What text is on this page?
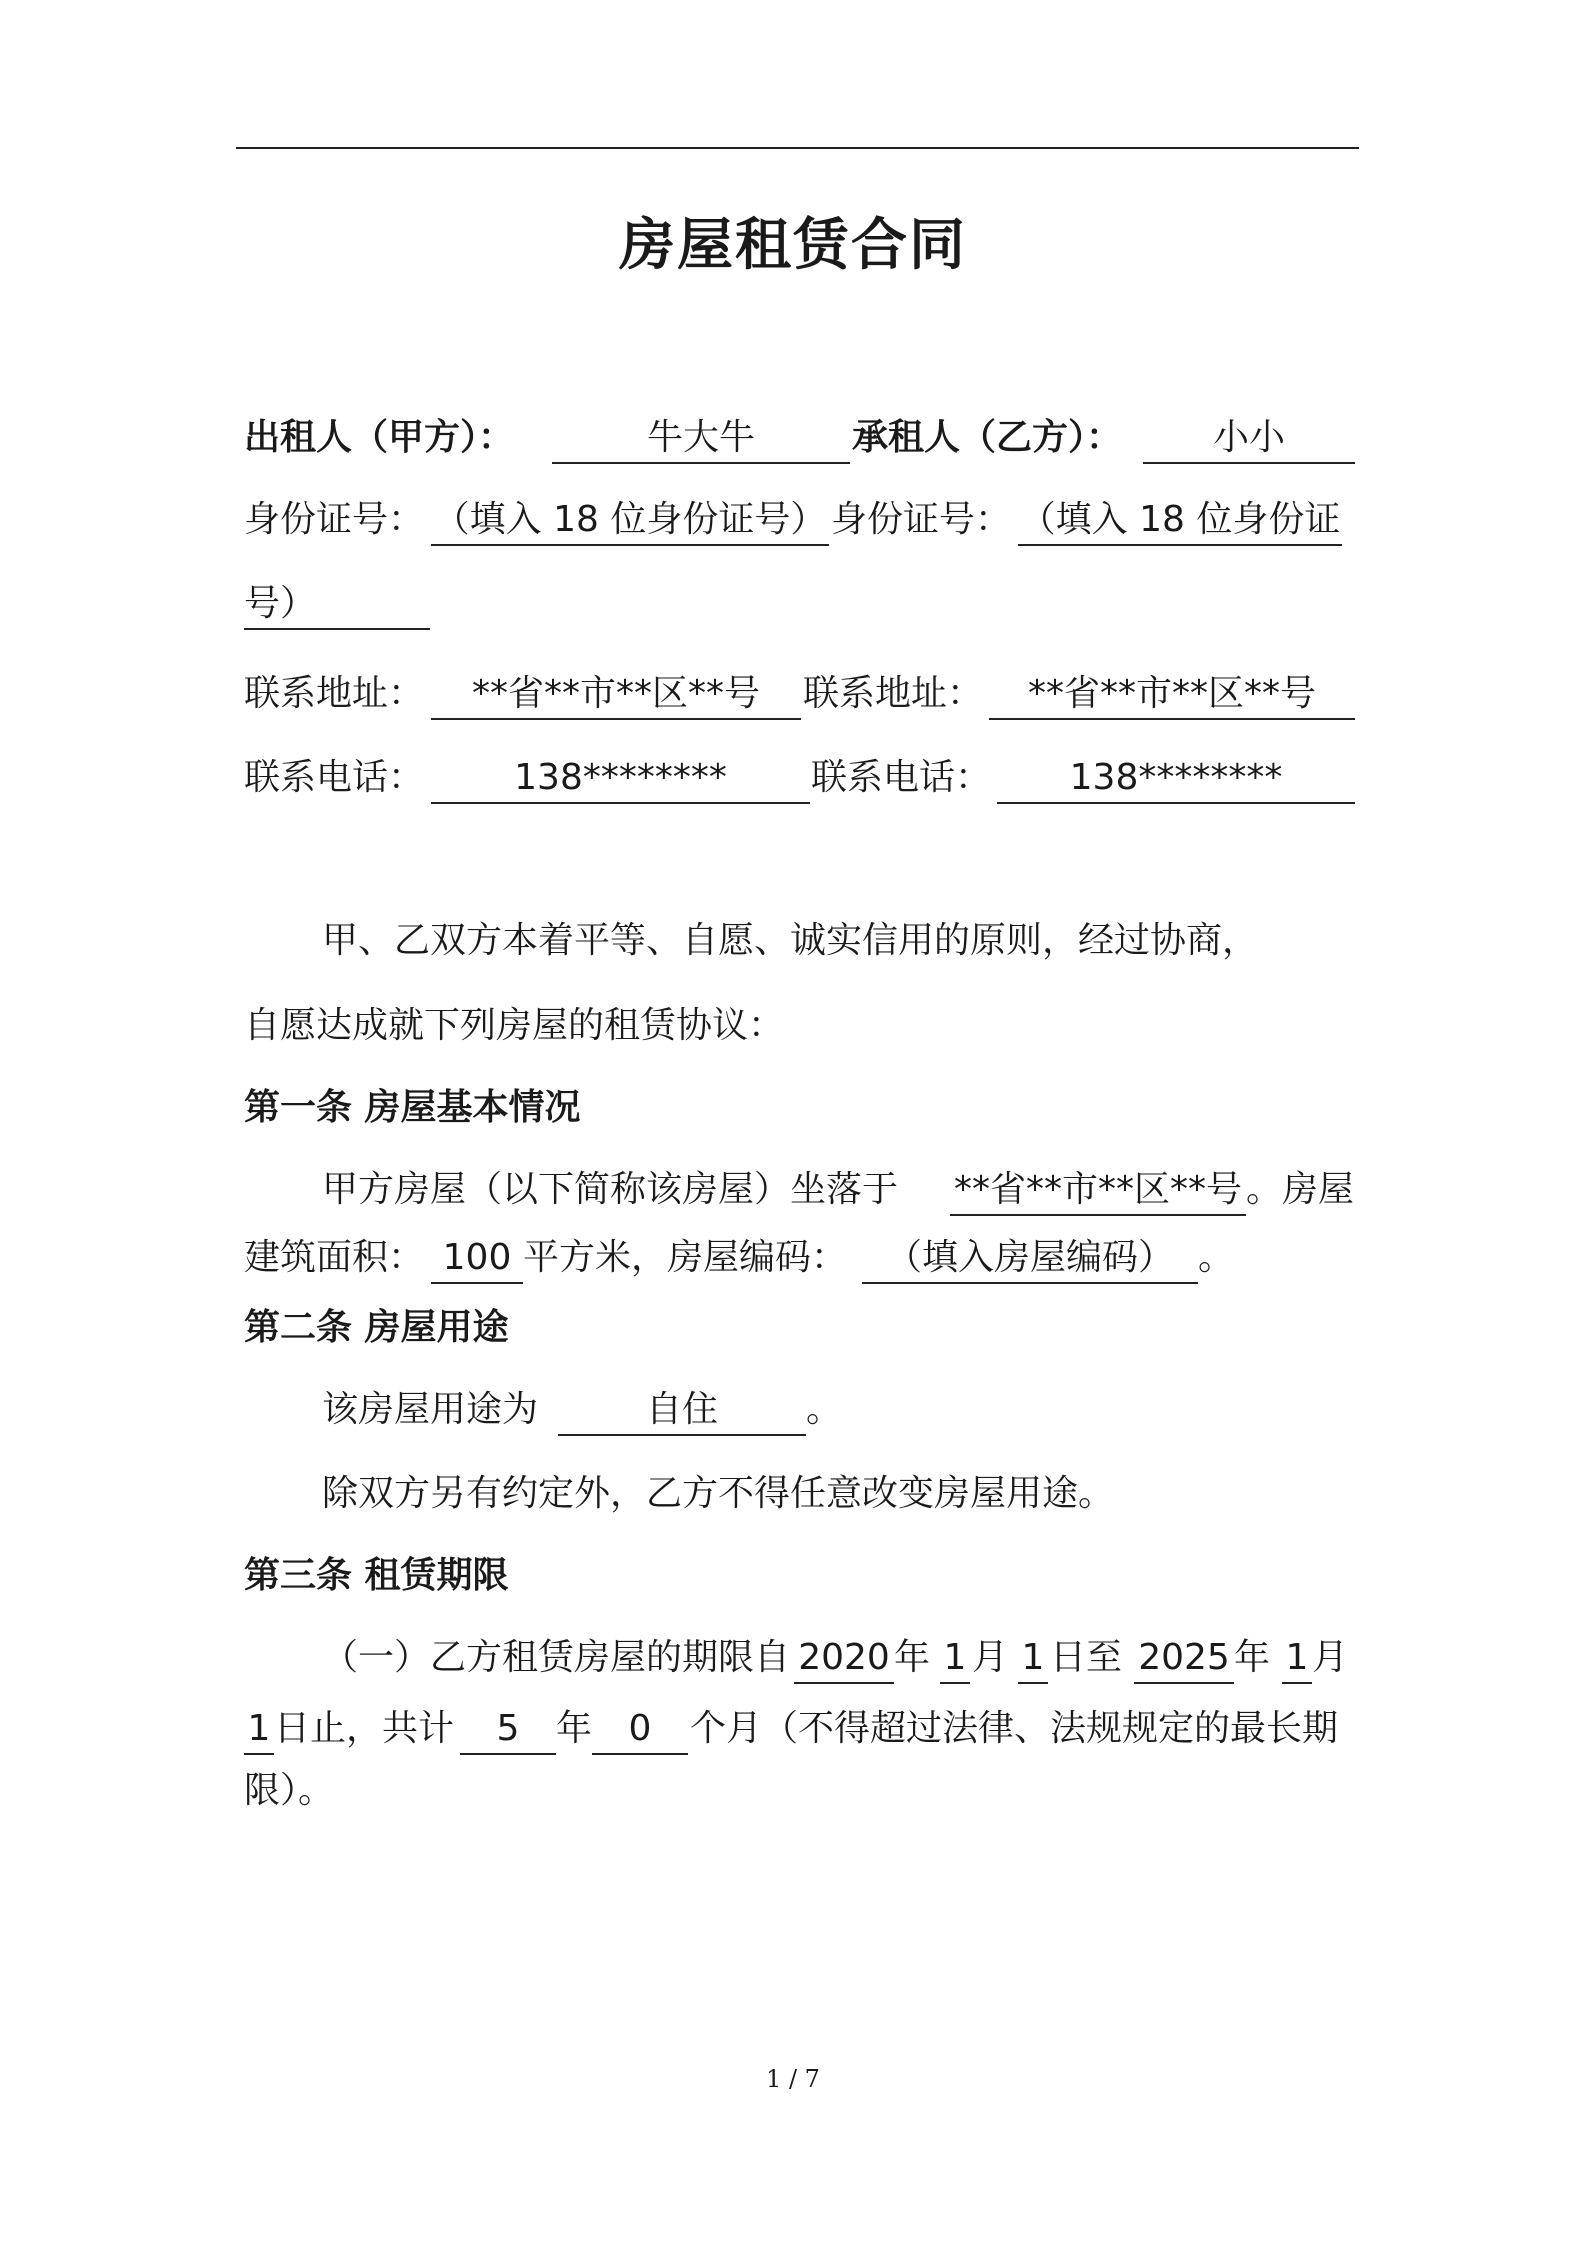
房屋租赁合同
出租人（甲方）：	牛大牛	承租人（乙方）：	小小
身份证号： （填入 18 位身份证号） 身份证号： （填入 18 位身份证
号）
联系地址：	**省**市**区**号	联系地址：	**省**市**区**号
联系电话：	138********	联系电话：	138********
甲、乙双方本着平等、自愿、诚实信用的原则，经过协商，
自愿达成就下列房屋的租赁协议：
第一条 房屋基本情况
甲方房屋（以下简称该房屋）坐落于 **省**市**区**号 。房屋
建筑面积： 100 平方米，房屋编码：	（填入房屋编码） 。
第二条 房屋用途
该房屋用途为	自住	。
除双方另有约定外，乙方不得任意改变房屋用途。
第三条 租赁期限
（一）乙方租赁房屋的期限自 2020 年 1 月 1 日至 2025 年 1 月
1 日止，共计	5	年	0	个月（不得超过法律、法规规定的最长期
限）。
1 / 7
